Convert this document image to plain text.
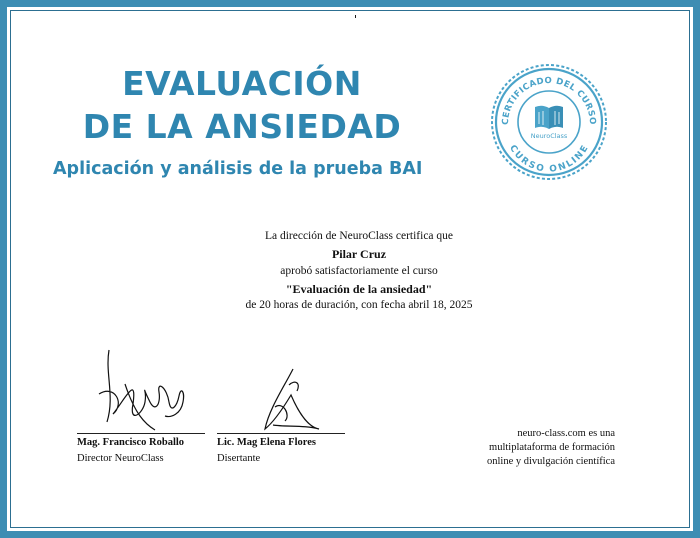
EVALUACIÓN
DE LA ANSIEDAD
Aplicación y análisis de la prueba BAI
CERTIFICADO DEL CURSO
CURSO ONLINE
NeuroClass
La dirección de NeuroClass certifica que
Pilar Cruz
aprobó satisfactoriamente el curso
"Evaluación de la ansiedad"
de 20 horas de duración, con fecha abril 18, 2025
Mag. Francisco Roballo
Director NeuroClass
Lic. Mag Elena Flores
Disertante
neuro-class.com es una
multiplataforma de formación
online y divulgación científica
